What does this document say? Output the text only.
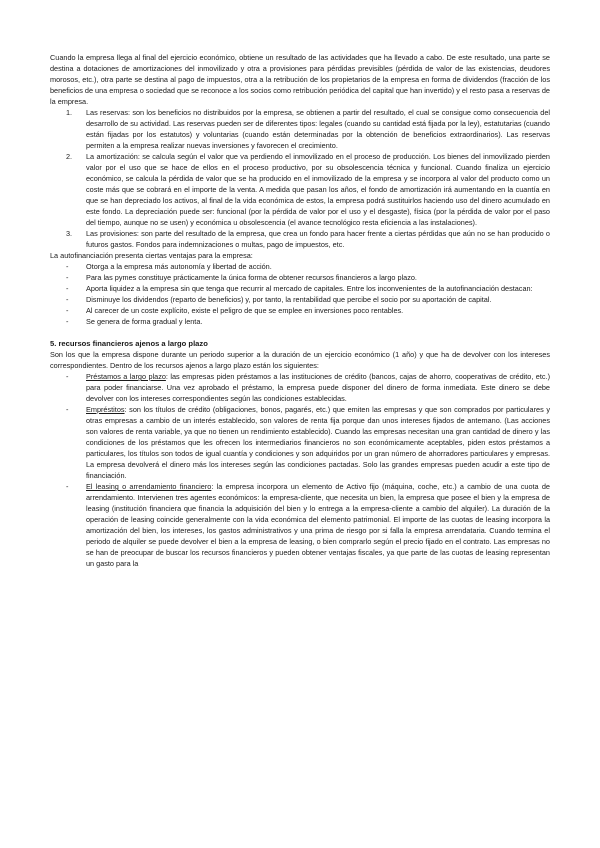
Cuando la empresa llega al final del ejercicio económico, obtiene un resultado de las actividades que ha llevado a cabo. De este resultado, una parte se destina a dotaciones de amortizaciones del inmovilizado y otra a provisiones para pérdidas previsibles (pérdida de valor de las existencias, deudores morosos, etc.), otra parte se destina al pago de impuestos, otra a la retribución de los propietarios de la empresa en forma de dividendos (fracción de los beneficios de una empresa o sociedad que se reconoce a los socios como retribución periódica del capital que han invertido) y el resto pasa a reservas de la empresa.

1. Las reservas: son los beneficios no distribuidos por la empresa, se obtienen a partir del resultado, el cual se consigue como consecuencia del desarrollo de su actividad. Las reservas pueden ser de diferentes tipos: legales (cuando su cantidad está fijada por la ley), estatutarias (cuando están fijadas por los estatutos) y voluntarias (cuando están determinadas por la obtención de beneficios extraordinarios). Las reservas permiten a la empresa realizar nuevas inversiones y favorecen el crecimiento.
2. La amortización: se calcula según el valor que va perdiendo el inmovilizado en el proceso de producción. Los bienes del inmovilizado pierden valor por el uso que se hace de ellos en el proceso productivo, por su obsolescencia técnica y funcional. Cuando finaliza un ejercicio económico, se calcula la pérdida de valor que se ha producido en el inmovilizado de la empresa y se incorpora al valor del producto como un coste más que se cobrará en el importe de la venta. A medida que pasan los años, el fondo de amortización irá aumentando en la cuantía en que se han depreciado los activos, al final de la vida económica de estos, la empresa podrá sustituirlos haciendo uso del dinero acumulado en este fondo. La depreciación puede ser: funcional (por la pérdida de valor por el uso y el desgaste), física (por la pérdida de valor por el paso del tiempo, aunque no se usen) y económica u obsolescencia (el avance tecnológico resta eficiencia a las instalaciones).
3. Las provisiones: son parte del resultado de la empresa, que crea un fondo para hacer frente a ciertas pérdidas que aún no se han producido o futuros gastos. Fondos para indemnizaciones o multas, pago de impuestos, etc.

La autofinanciación presenta ciertas ventajas para la empresa:

- Otorga a la empresa más autonomía y libertad de acción.
- Para las pymes constituye prácticamente la única forma de obtener recursos financieros a largo plazo.
- Aporta liquidez a la empresa sin que tenga que recurrir al mercado de capitales. Entre los inconvenientes de la autofinanciación destacan:
- Disminuye los dividendos (reparto de beneficios) y, por tanto, la rentabilidad que percibe el socio por su aportación de capital.
- Al carecer de un coste explícito, existe el peligro de que se emplee en inversiones poco rentables.
- Se genera de forma gradual y lenta.

5. recursos financieros ajenos a largo plazo

Son los que la empresa dispone durante un periodo superior a la duración de un ejercicio económico (1 año) y que ha de devolver con los intereses correspondientes. Dentro de los recursos ajenos a largo plazo están los siguientes:

- Préstamos a largo plazo: las empresas piden préstamos a las instituciones de crédito (bancos, cajas de ahorro, cooperativas de crédito, etc.) para poder financiarse. Una vez aprobado el préstamo, la empresa puede disponer del dinero de forma inmediata. Este dinero se debe devolver con los intereses correspondientes según las condiciones establecidas.
- Empréstitos: son los títulos de crédito (obligaciones, bonos, pagarés, etc.) que emiten las empresas y que son comprados por particulares y otras empresas a cambio de un interés establecido, son valores de renta fija porque dan unos intereses fijados de antemano. (Las acciones son valores de renta variable, ya que no tienen un rendimiento establecido). Cuando las empresas necesitan una gran cantidad de dinero y las condiciones de los préstamos que les ofrecen los intermediarios financieros no son económicamente aceptables, piden estos préstamos a particulares, los títulos son todos de igual cuantía y condiciones y son adquiridos por un gran número de ahorradores particulares y empresas. La empresa devolverá el dinero más los intereses según las condiciones pactadas. Solo las grandes empresas pueden acudir a este tipo de financiación.
- El leasing o arrendamiento financiero: la empresa incorpora un elemento de Activo fijo (máquina, coche, etc.) a cambio de una cuota de arrendamiento. Intervienen tres agentes económicos: la empresa-cliente, que necesita un bien, la empresa que posee el bien y la empresa de leasing (institución financiera que financia la adquisición del bien y lo entrega a la empresa-cliente a cambio del alquiler). La duración de la operación de leasing coincide generalmente con la vida económica del elemento patrimonial. El importe de las cuotas de leasing incorpora la amortización del bien, los intereses, los gastos administrativos y una prima de riesgo por si falla la empresa arrendataria. Cuando termina el periodo de alquiler se puede devolver el bien a la empresa de leasing, o bien comprarlo según el precio fijado en el contrato. Las empresas no se han de preocupar de buscar los recursos financieros y pueden obtener ventajas fiscales, ya que parte de las cuotas de leasing representan un gasto para la
